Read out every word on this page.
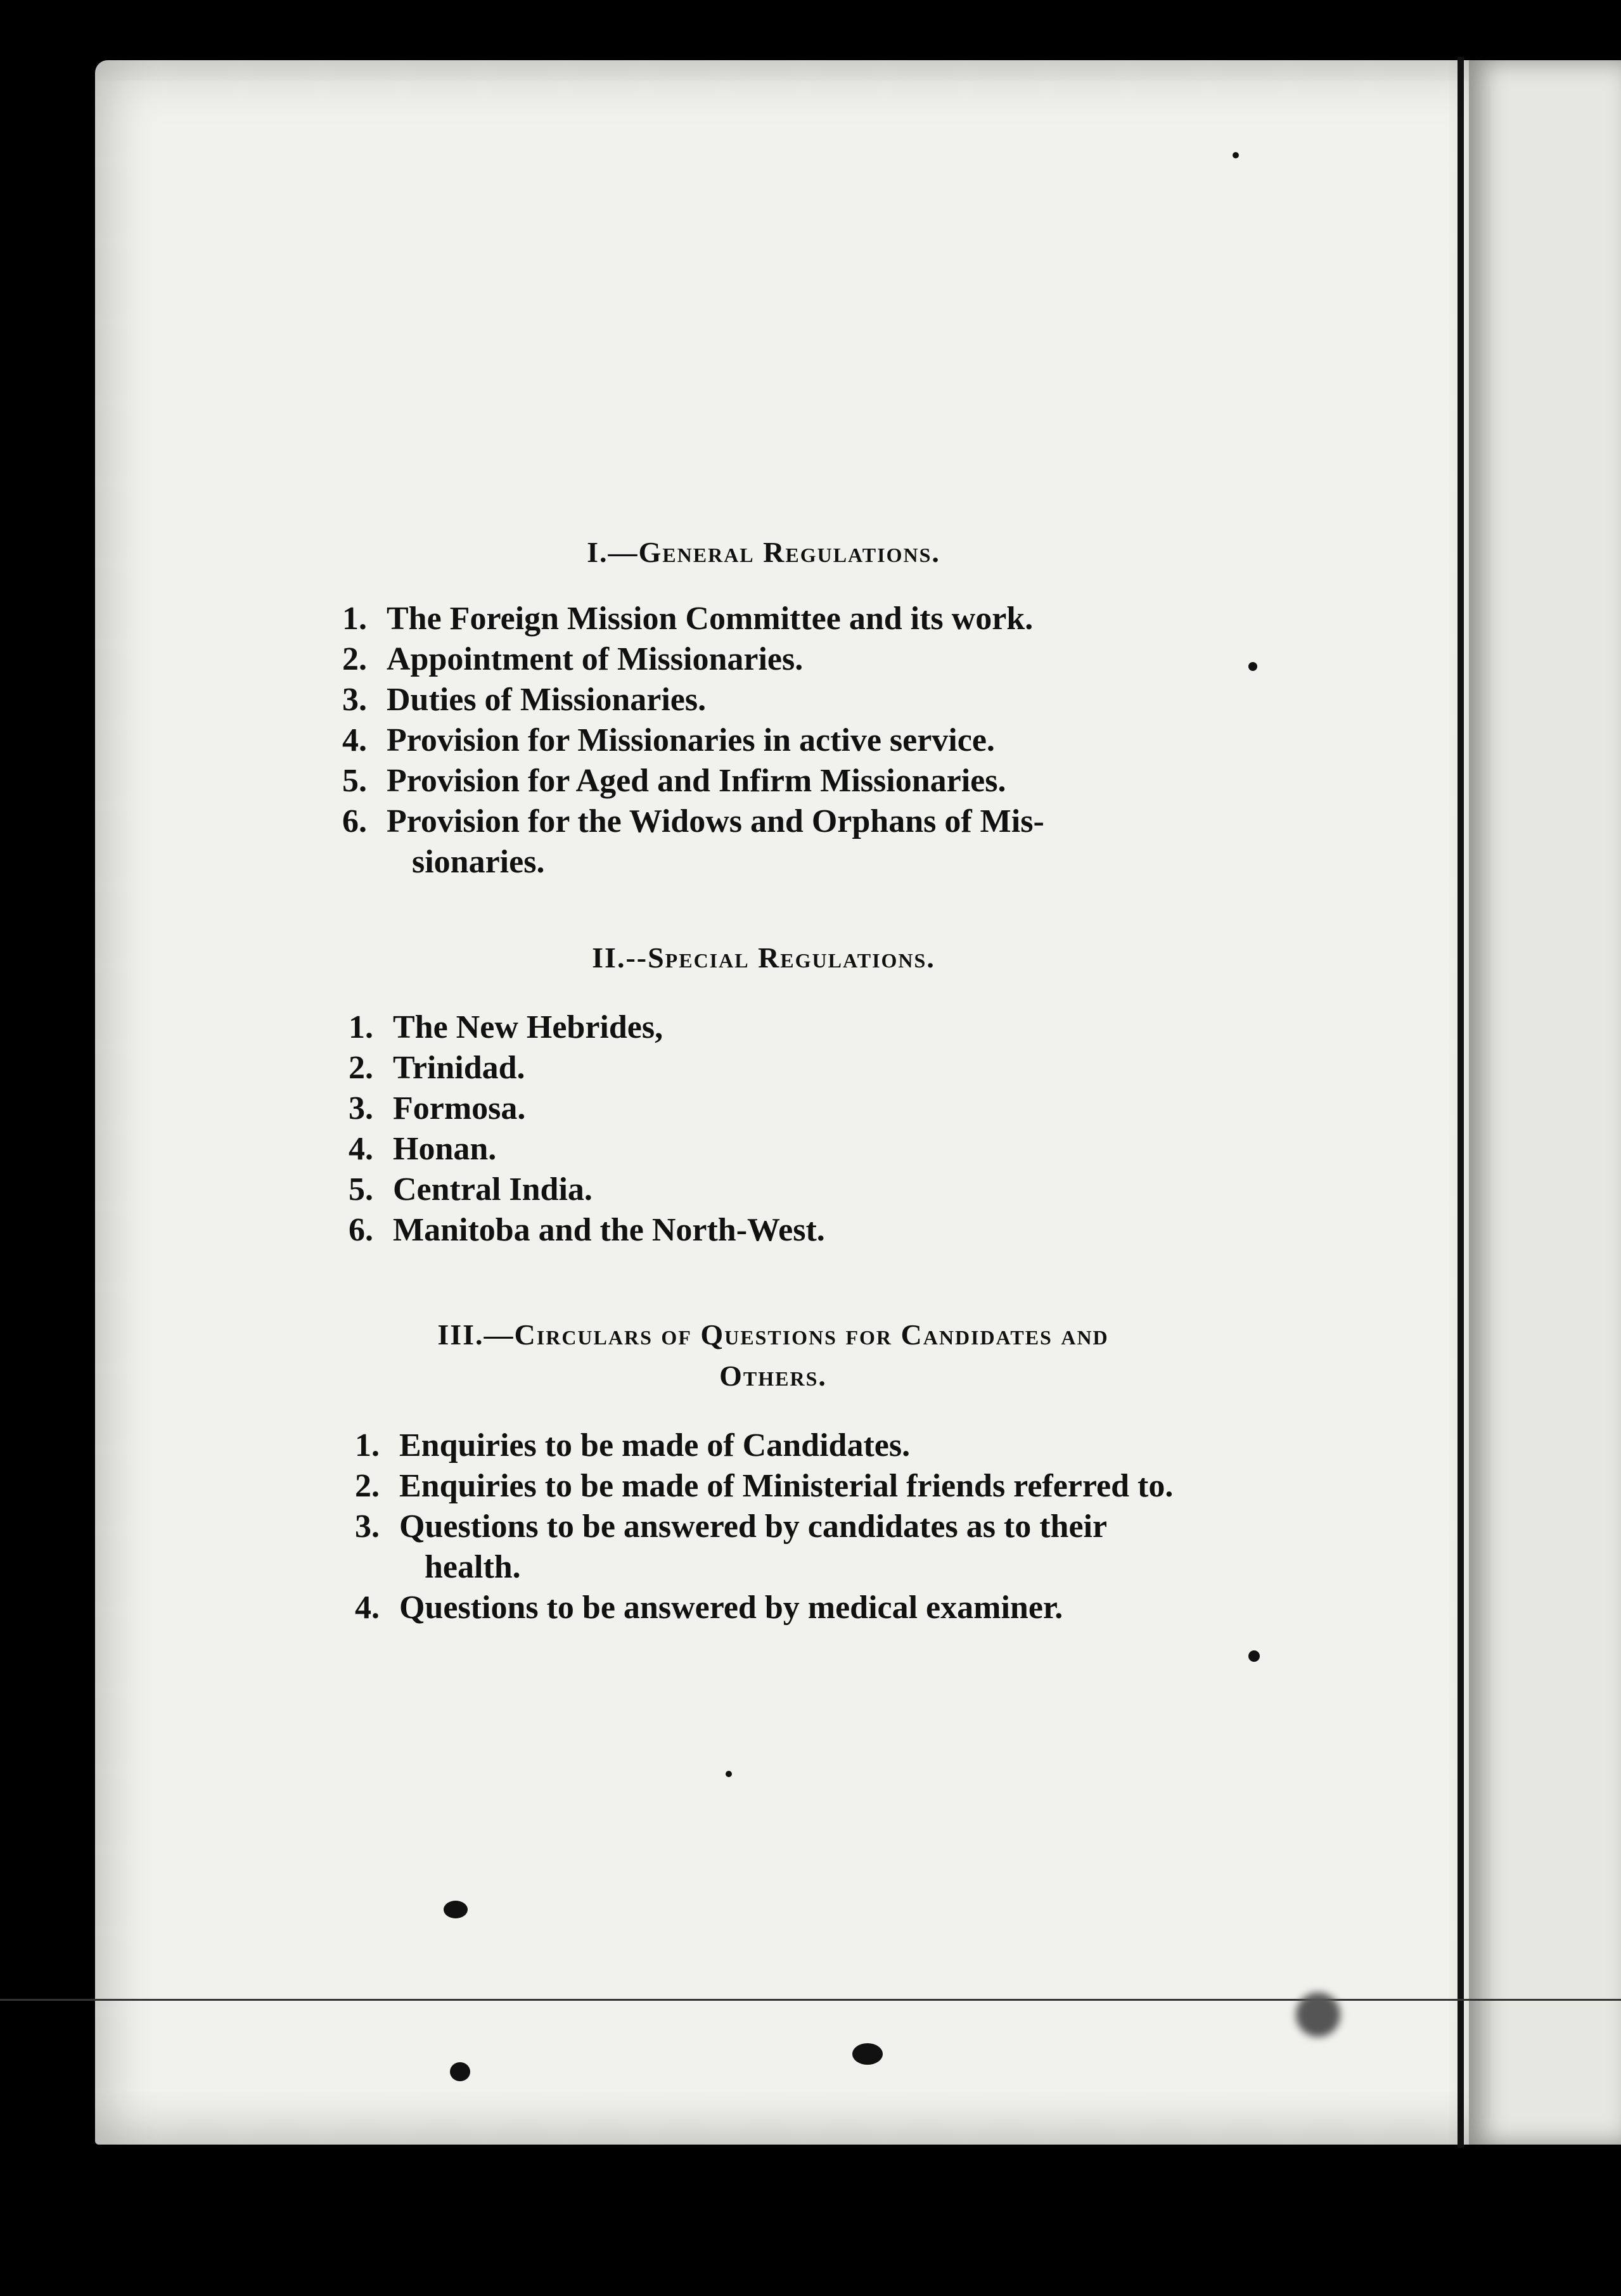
I.—General Regulations.
1. The Foreign Mission Committee and its work.
2. Appointment of Missionaries.
3. Duties of Missionaries.
4. Provision for Missionaries in active service.
5. Provision for Aged and Infirm Missionaries.
6. Provision for the Widows and Orphans of Mis-
sionaries.
II.--Special Regulations.
1. The New Hebrides,
2. Trinidad.
3. Formosa.
4. Honan.
5. Central India.
6. Manitoba and the North-West.
III.—Circulars of Questions for Candidates and
Others.
1. Enquiries to be made of Candidates.
2. Enquiries to be made of Ministerial friends referred to.
3. Questions to be answered by candidates as to their
health.
4. Questions to be answered by medical examiner.
